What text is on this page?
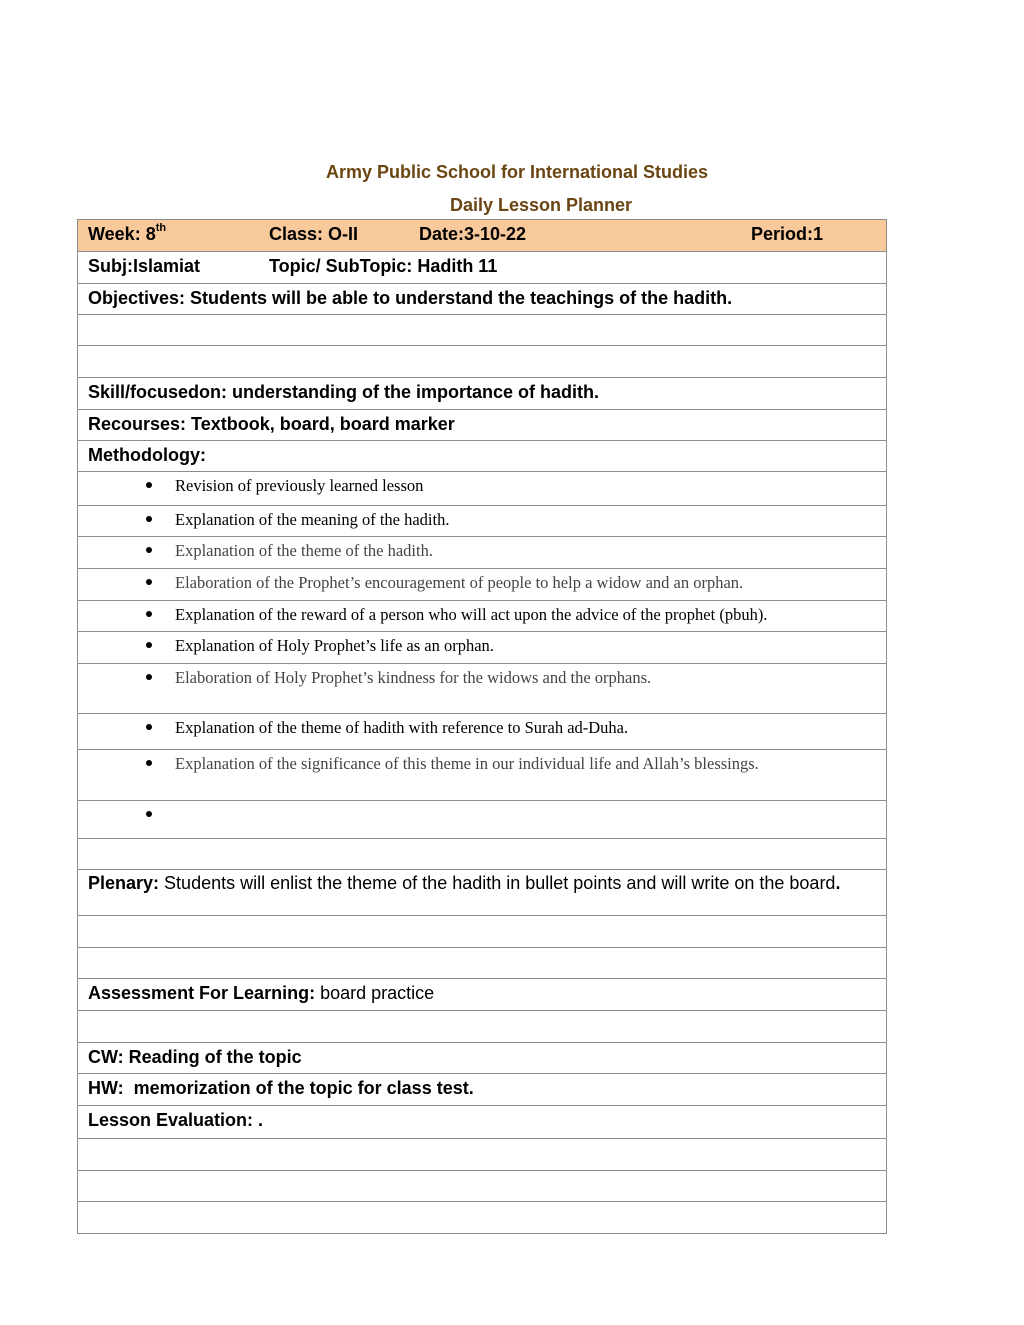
Army Public School for International Studies
Daily Lesson Planner
Week: 8th	Class: O-II	Date:3-10-22	Period:1
Subj:Islamiat	Topic/ SubTopic: Hadith 11
Objectives: Students will be able to understand the teachings of the hadith.
Skill/focusedon: understanding of the importance of hadith.
Recourses: Textbook, board, board marker
Methodology:
Revision of previously learned lesson
Explanation of the meaning of the hadith.
Explanation of the theme of the hadith.
Elaboration of the Prophet’s encouragement of people to help a widow and an orphan.
Explanation of the reward of a person who will act upon the advice of the prophet (pbuh).
Explanation of Holy Prophet’s life as an orphan.
Elaboration of Holy Prophet’s kindness for the widows and the orphans.
Explanation of the theme of hadith with reference to Surah ad-Duha.
Explanation of the significance of this theme in our individual life and Allah’s blessings.
Plenary: Students will enlist the theme of the hadith in bullet points and will write on the board.
Assessment For Learning: board practice
CW: Reading of the topic
HW:  memorization of the topic for class test.
Lesson Evaluation: .
